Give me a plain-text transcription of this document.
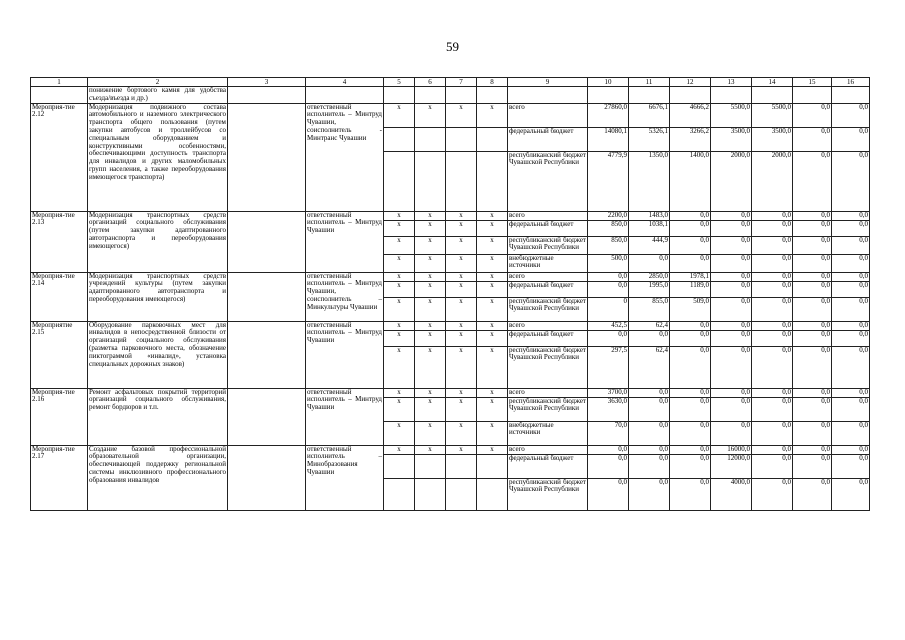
59
1	2	3	4	5	6	7	8	9	10	11	12	13	14	15	16
	понижение бортового камня для удобства съезда/въезда и др.)														
Мероприя-тие 2.12	Модернизация подвижного состава автомобильного и наземного электрического транспорта общего пользования (путем закупки автобусов и троллейбусов со специальным оборудованием и конструктивными особенностями, обеспечивающими доступность транспорта для инвалидов и других маломобильных групп населения, а также переоборудования имеющегося транспорта)		ответственный исполнитель – Минтруд Чувашии, соисполнитель - Минтранс Чувашии	x	x	x	x	всего	27860,0	6676,1	4666,2	5500,0	5500,0	0,0	0,0
								федеральный бюджет	14080,1	5326,1	3266,2	3500,0	3500,0	0,0	0,0
								республиканский бюджет Чувашской Республики	4779,9	1350,0	1400,0	2000,0	2000,0	0,0	0,0
Мероприя-тие 2.13	Модернизация транспортных средств организаций социального обслуживания (путем закупки адаптированного автотранспорта и переоборудования имеющегося)		ответственный исполнитель – Минтруд Чувашии	x	x	x	x	всего	2200,0	1483,0	0,0	0,0	0,0	0,0	0,0
				x	x	x	x	федеральный бюджет	850,0	1038,1	0,0	0,0	0,0	0,0	0,0
				x	x	x	x	республиканский бюджет Чувашской Республики	850,0	444,9	0,0	0,0	0,0	0,0	0,0
				x	x	x	x	внебюджетные источники	500,0	0,0	0,0	0,0	0,0	0,0	0,0
Мероприя-тие 2.14	Модернизация транспортных средств учреждений культуры (путем закупки адаптированного автотранспорта и переоборудования имеющегося)		ответственный исполнитель – Минтруд Чувашии, соисполнитель – Минкультуры Чувашии	x	x	x	x	всего	0,0	2850,0	1978,1	0,0	0,0	0,0	0,0
				x	x	x	x	федеральный бюджет	0,0	1995,0	1189,0	0,0	0,0	0,0	0,0
				x	x	x	x	республиканский бюджет Чувашской Республики	0	855,0	509,0	0,0	0,0	0,0	0,0
Мероприятие 2.15	Оборудование парковочных мест для инвалидов в непосредственной близости от организаций социального обслуживания (разметка парковочного места, обозначение пиктограммой «инвалид», установка специальных дорожных знаков)		ответственный исполнитель – Минтруд Чувашии	x	x	x	x	всего	452,5	62,4	0,0	0,0	0,0	0,0	0,0
				x	x	x	x	федеральный бюджет	0,0	0,0	0,0	0,0	0,0	0,0	0,0
				x	x	x	x	республиканский бюджет Чувашской Республики	297,5	62,4	0,0	0,0	0,0	0,0	0,0
Мероприя-тие 2.16	Ремонт асфальтовых покрытий территорий организаций социального обслуживания, ремонт бордюров и т.п.		ответственный исполнитель – Минтруд Чувашии	x	x	x	x	всего	3700,0	0,0	0,0	0,0	0,0	0,0	0,0
				x	x	x	x	республиканский бюджет Чувашской Республики	3630,0	0,0	0,0	0,0	0,0	0,0	0,0
				x	x	x	x	внебюджетные источники	70,0	0,0	0,0	0,0	0,0	0,0	0,0
Мероприя-тие 2.17	Создание базовой профессиональной образовательной организации, обеспечивающей поддержку региональной системы инклюзивного профессионального образования инвалидов		ответственный исполнитель – Минобразования Чувашии	x	x	x	x	всего	0,0	0,0	0,0	16000,0	0,0	0,0	0,0
								федеральный бюджет	0,0	0,0	0,0	12000,0	0,0	0,0	0,0
								республиканский бюджет Чувашской Республики	0,0	0,0	0,0	4000,0	0,0	0,0	0,0
